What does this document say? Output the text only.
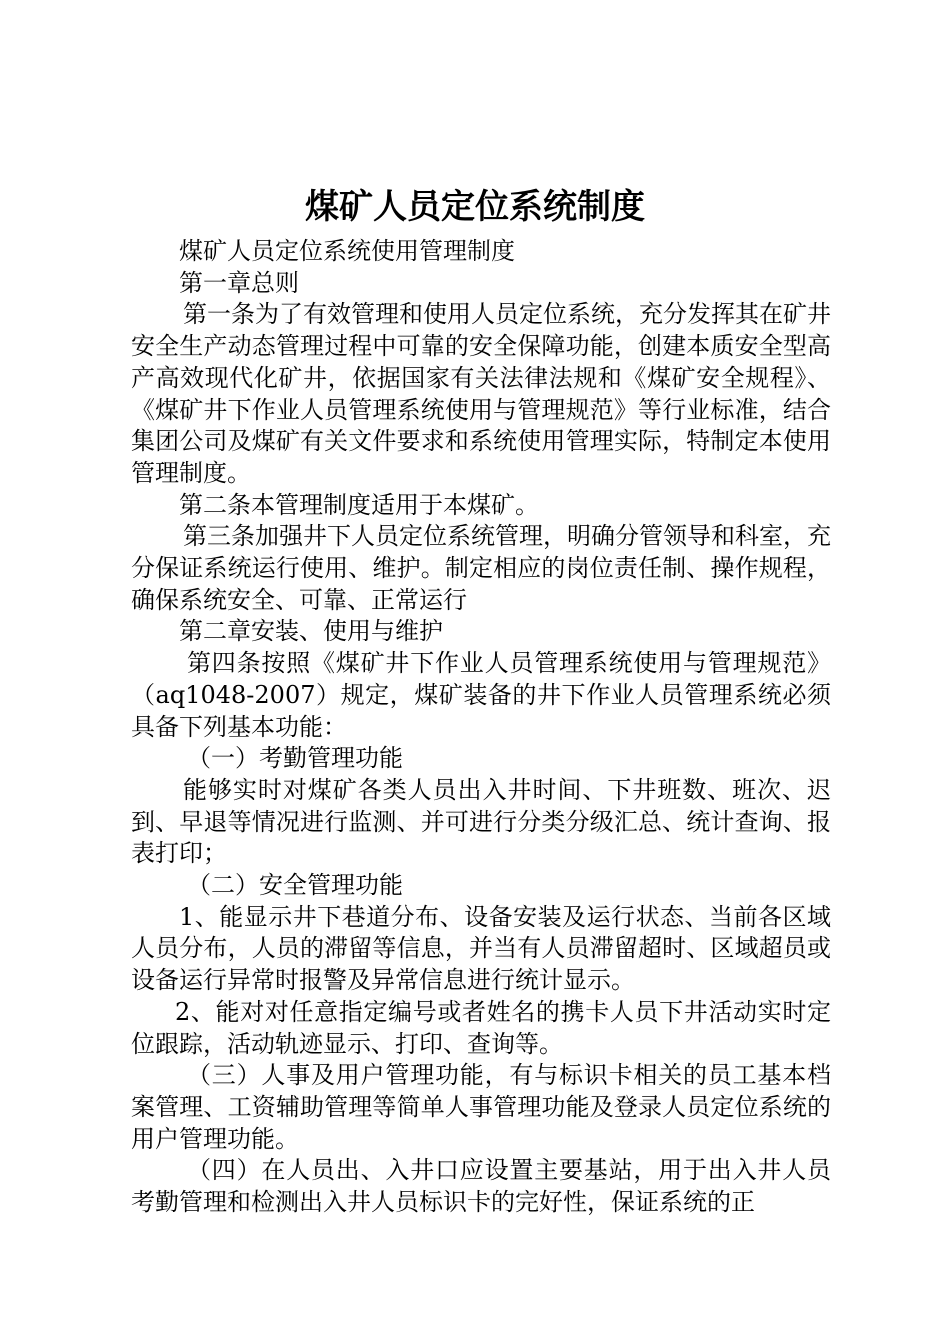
煤矿人员定位系统制度

煤矿人员定位系统使用管理制度

第一章总则

第一条为了有效管理和使用人员定位系统，充分发挥其在矿井安全生产动态管理过程中可靠的安全保障功能，创建本质安全型高产高效现代化矿井，依据国家有关法律法规和《煤矿安全规程》、《煤矿井下作业人员管理系统使用与管理规范》等行业标准，结合集团公司及煤矿有关文件要求和系统使用管理实际，特制定本使用管理制度。

第二条本管理制度适用于本煤矿。

第三条加强井下人员定位系统管理，明确分管领导和科室，充分保证系统运行使用、维护。制定相应的岗位责任制、操作规程，确保系统安全、可靠、正常运行

第二章安装、使用与维护

第四条按照《煤矿井下作业人员管理系统使用与管理规范》（aq1048-2007）规定，煤矿装备的井下作业人员管理系统必须具备下列基本功能：

（一）考勤管理功能

能够实时对煤矿各类人员出入井时间、下井班数、班次、迟到、早退等情况进行监测、并可进行分类分级汇总、统计查询、报表打印；

（二）安全管理功能

1、能显示井下巷道分布、设备安装及运行状态、当前各区域人员分布，人员的滞留等信息，并当有人员滞留超时、区域超员或设备运行异常时报警及异常信息进行统计显示。

2、能对对任意指定编号或者姓名的携卡人员下井活动实时定位跟踪，活动轨迹显示、打印、查询等。

（三）人事及用户管理功能，有与标识卡相关的员工基本档案管理、工资辅助管理等简单人事管理功能及登录人员定位系统的用户管理功能。

（四）在人员出、入井口应设置主要基站，用于出入井人员考勤管理和检测出入井人员标识卡的完好性，保证系统的正
